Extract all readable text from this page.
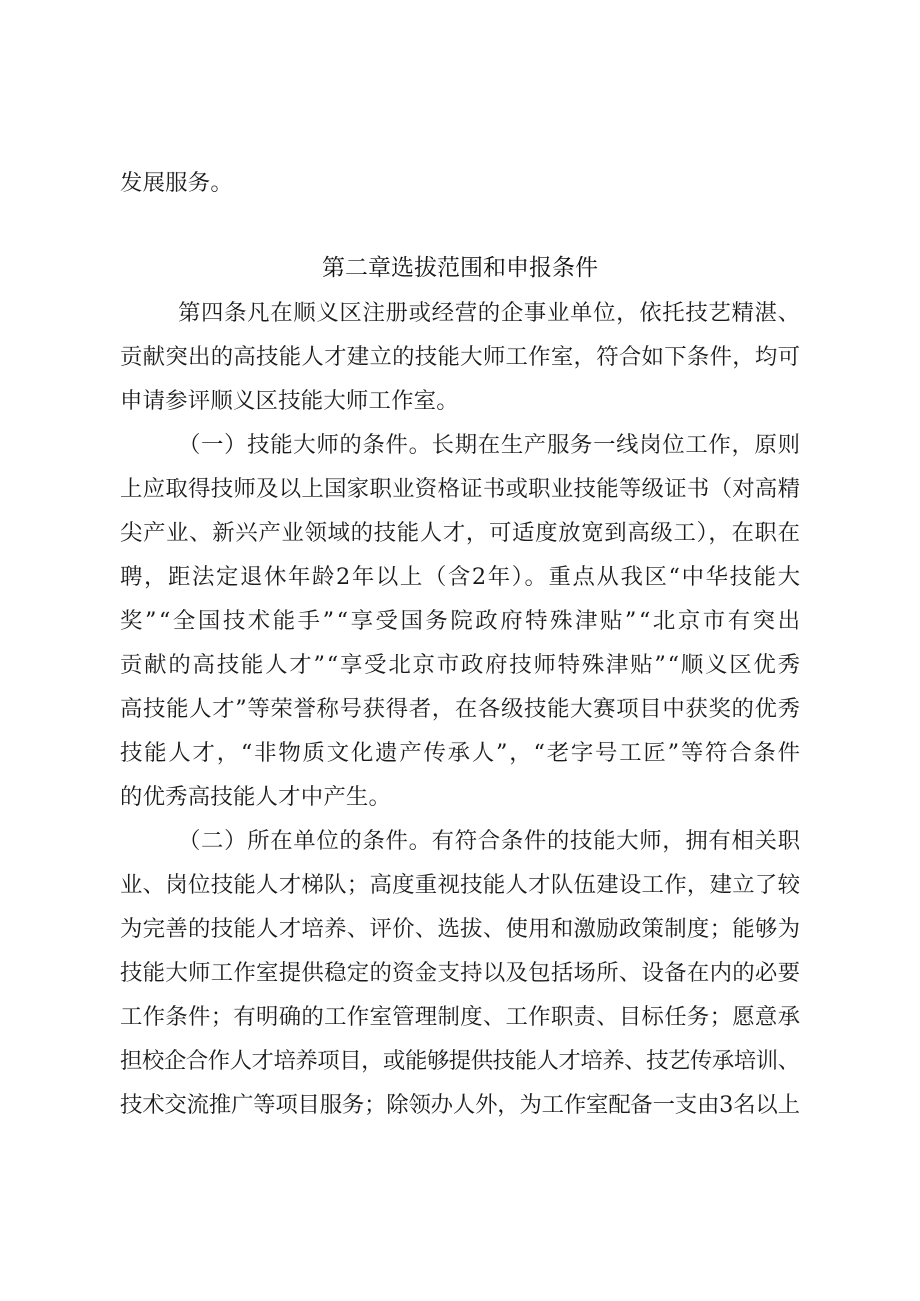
发展服务。
第二章选拔范围和申报条件
第四条凡在顺义区注册或经营的企事业单位，依托技艺精湛、
贡献突出的高技能人才建立的技能大师工作室，符合如下条件，均可
申请参评顺义区技能大师工作室。
（一）技能大师的条件。长期在生产服务一线岗位工作，原则
上应取得技师及以上国家职业资格证书或职业技能等级证书（对高精
尖产业、新兴产业领域的技能人才，可适度放宽到高级工），在职在
聘，距法定退休年龄2年以上（含2年）。重点从我区“中华技能大
奖”“全国技术能手”“享受国务院政府特殊津贴”“北京市有突出
贡献的高技能人才”“享受北京市政府技师特殊津贴”“顺义区优秀
高技能人才”等荣誉称号获得者，在各级技能大赛项目中获奖的优秀
技能人才，“非物质文化遗产传承人”，“老字号工匠”等符合条件
的优秀高技能人才中产生。
（二）所在单位的条件。有符合条件的技能大师，拥有相关职
业、岗位技能人才梯队；高度重视技能人才队伍建设工作，建立了较
为完善的技能人才培养、评价、选拔、使用和激励政策制度；能够为
技能大师工作室提供稳定的资金支持以及包括场所、设备在内的必要
工作条件；有明确的工作室管理制度、工作职责、目标任务；愿意承
担校企合作人才培养项目，或能够提供技能人才培养、技艺传承培训、
技术交流推广等项目服务；除领办人外，为工作室配备一支由3名以上
